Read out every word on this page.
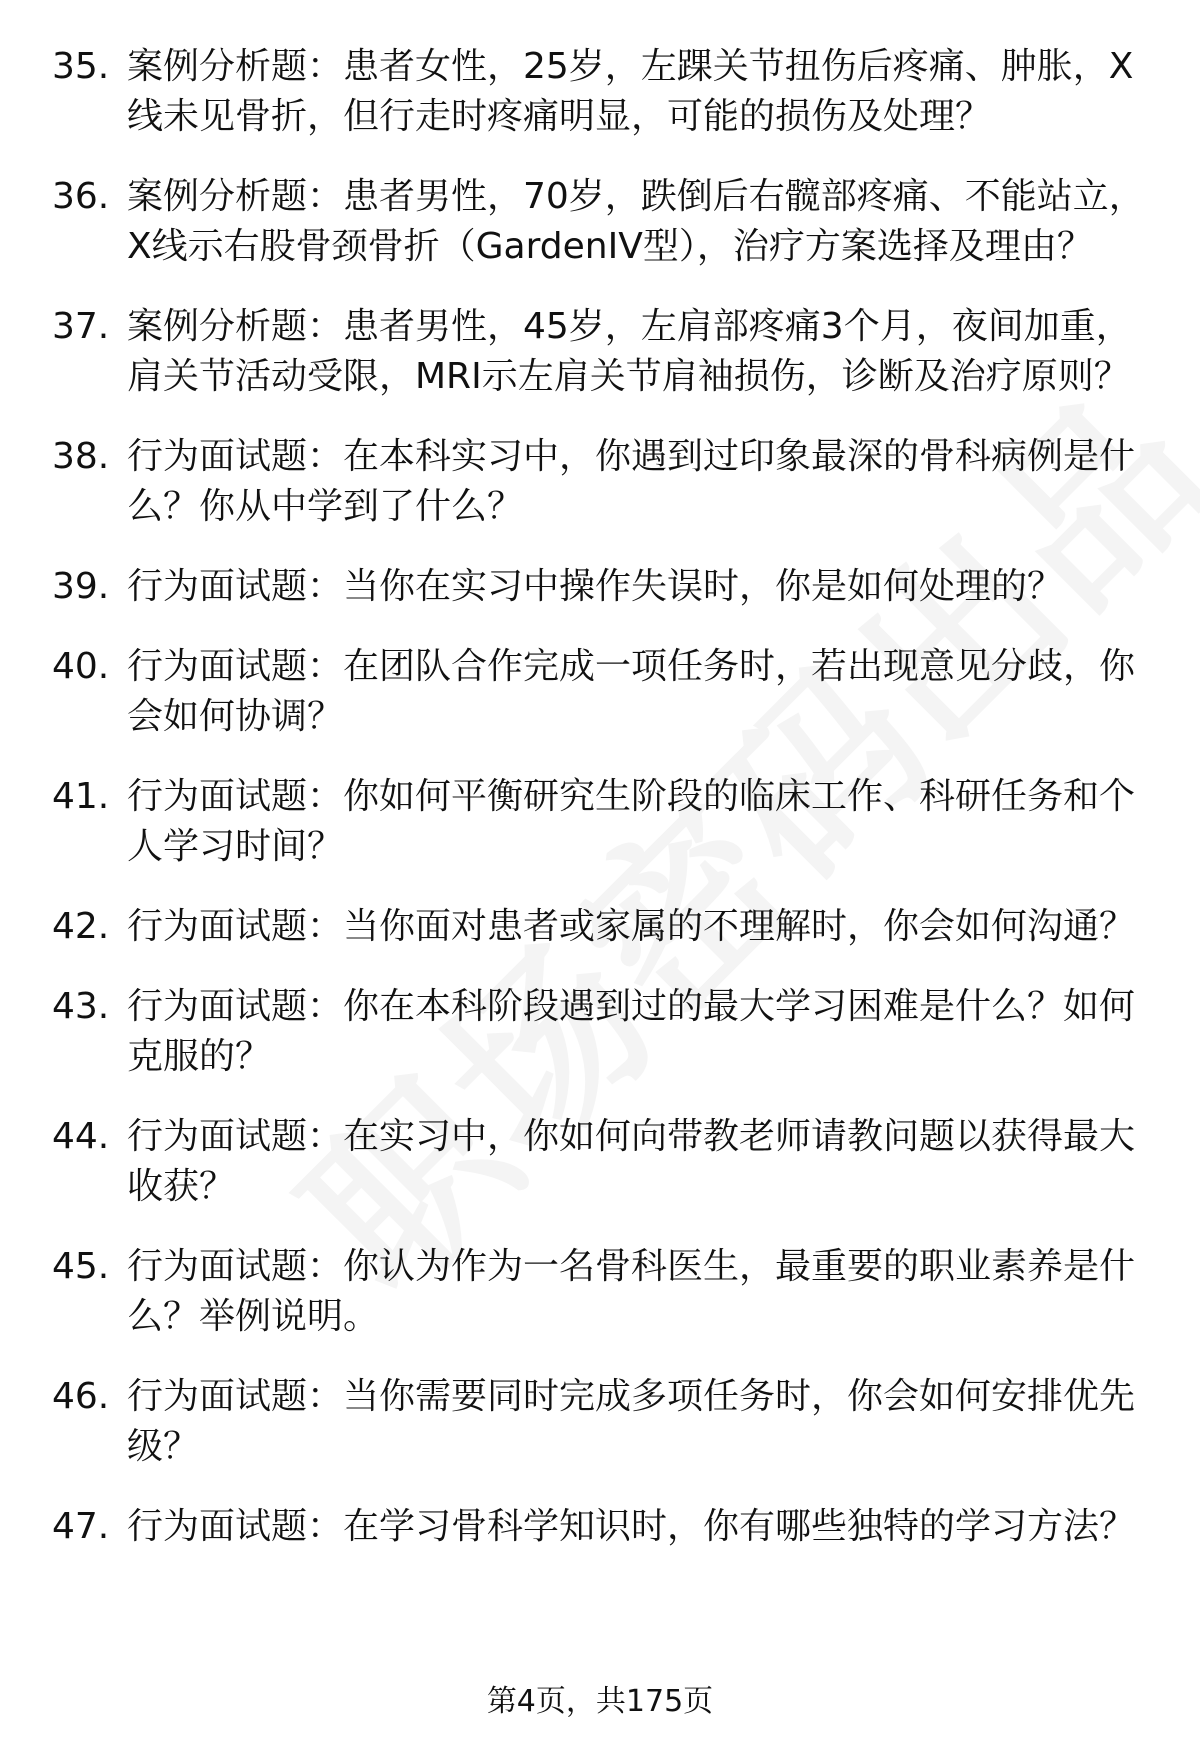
35. 案例分析题：患者女性，25岁，左踝关节扭伤后疼痛、肿胀，X线未见骨折，但行走时疼痛明显，可能的损伤及处理？
36. 案例分析题：患者男性，70岁，跌倒后右髋部疼痛、不能站立，X线示右股骨颈骨折（GardenIV型），治疗方案选择及理由？
37. 案例分析题：患者男性，45岁，左肩部疼痛3个月，夜间加重，肩关节活动受限，MRI示左肩关节肩袖损伤，诊断及治疗原则？
38. 行为面试题：在本科实习中，你遇到过印象最深的骨科病例是什么？你从中学到了什么？
39. 行为面试题：当你在实习中操作失误时，你是如何处理的？
40. 行为面试题：在团队合作完成一项任务时，若出现意见分歧，你会如何协调？
41. 行为面试题：你如何平衡研究生阶段的临床工作、科研任务和个人学习时间？
42. 行为面试题：当你面对患者或家属的不理解时，你会如何沟通？
43. 行为面试题：你在本科阶段遇到过的最大学习困难是什么？如何克服的？
44. 行为面试题：在实习中，你如何向带教老师请教问题以获得最大收获？
45. 行为面试题：你认为作为一名骨科医生，最重要的职业素养是什么？举例说明。
46. 行为面试题：当你需要同时完成多项任务时，你会如何安排优先级？
47. 行为面试题：在学习骨科学知识时，你有哪些独特的学习方法？
第4页，共175页
